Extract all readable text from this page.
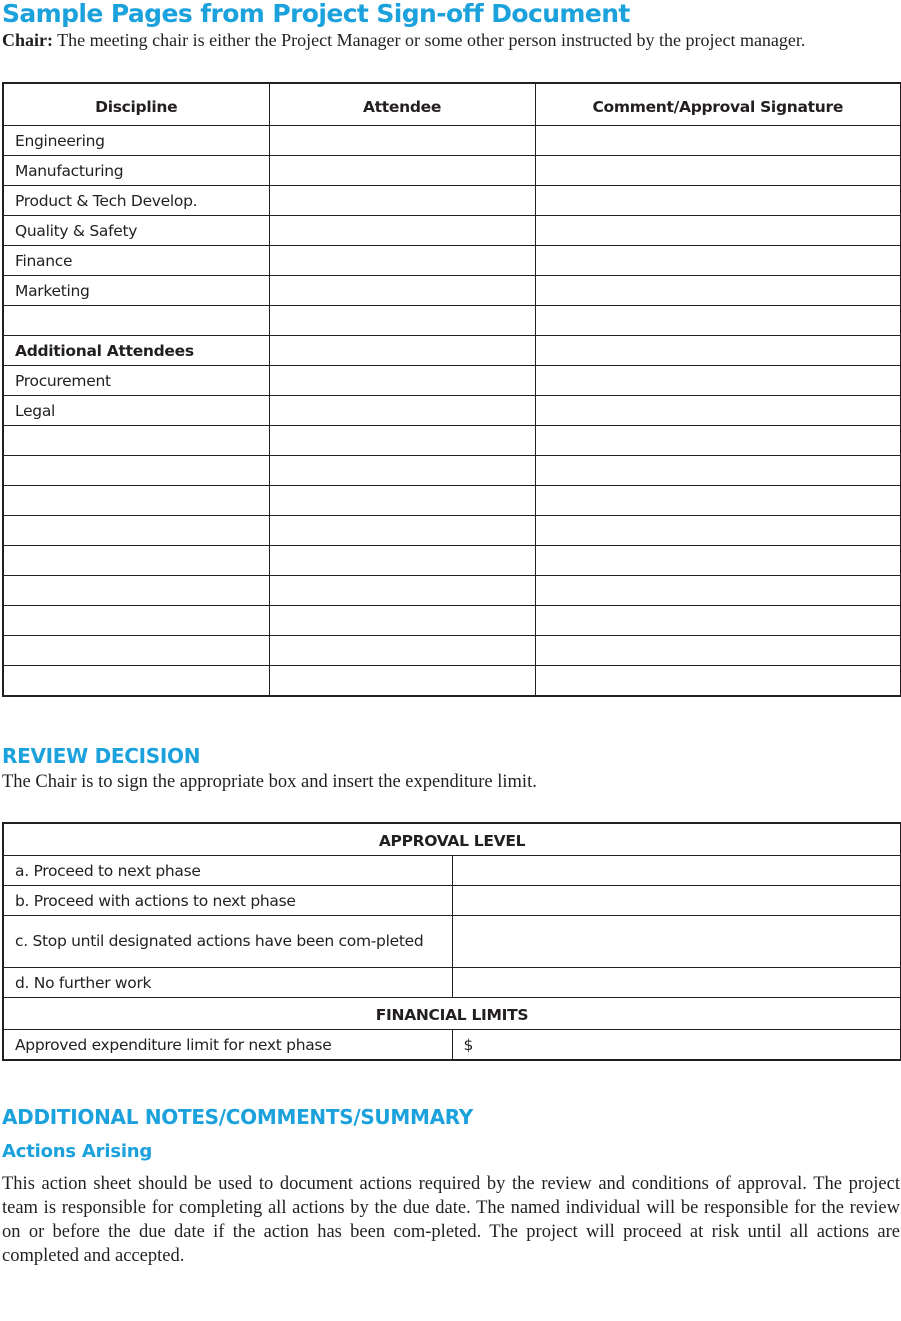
Sample Pages from Project Sign-off Document

Chair: The meeting chair is either the Project Manager or some other person instructed by the project manager.

Discipline	Attendee	Comment/Approval Signature
Engineering		
Manufacturing		
Product & Tech Develop.		
Quality & Safety		
Finance		
Marketing		

Additional Attendees		
Procurement		
Legal		

REVIEW DECISION

The Chair is to sign the appropriate box and insert the expenditure limit.

APPROVAL LEVEL	
a. Proceed to next phase	
b. Proceed with actions to next phase	

c. Stop until designated actions have been com-pleted	

d. No further work	
FINANCIAL LIMITS	
Approved expenditure limit for next phase	$
ADDITIONAL NOTES/COMMENTS/SUMMARY
Actions Arising

This action sheet should be used to document actions required by the review and conditions of approval. The project team is responsible for completing all actions by the due date. The named individual will be responsible for the review on or before the due date if the action has been com-pleted. The project will proceed at risk until all actions are completed and accepted.
